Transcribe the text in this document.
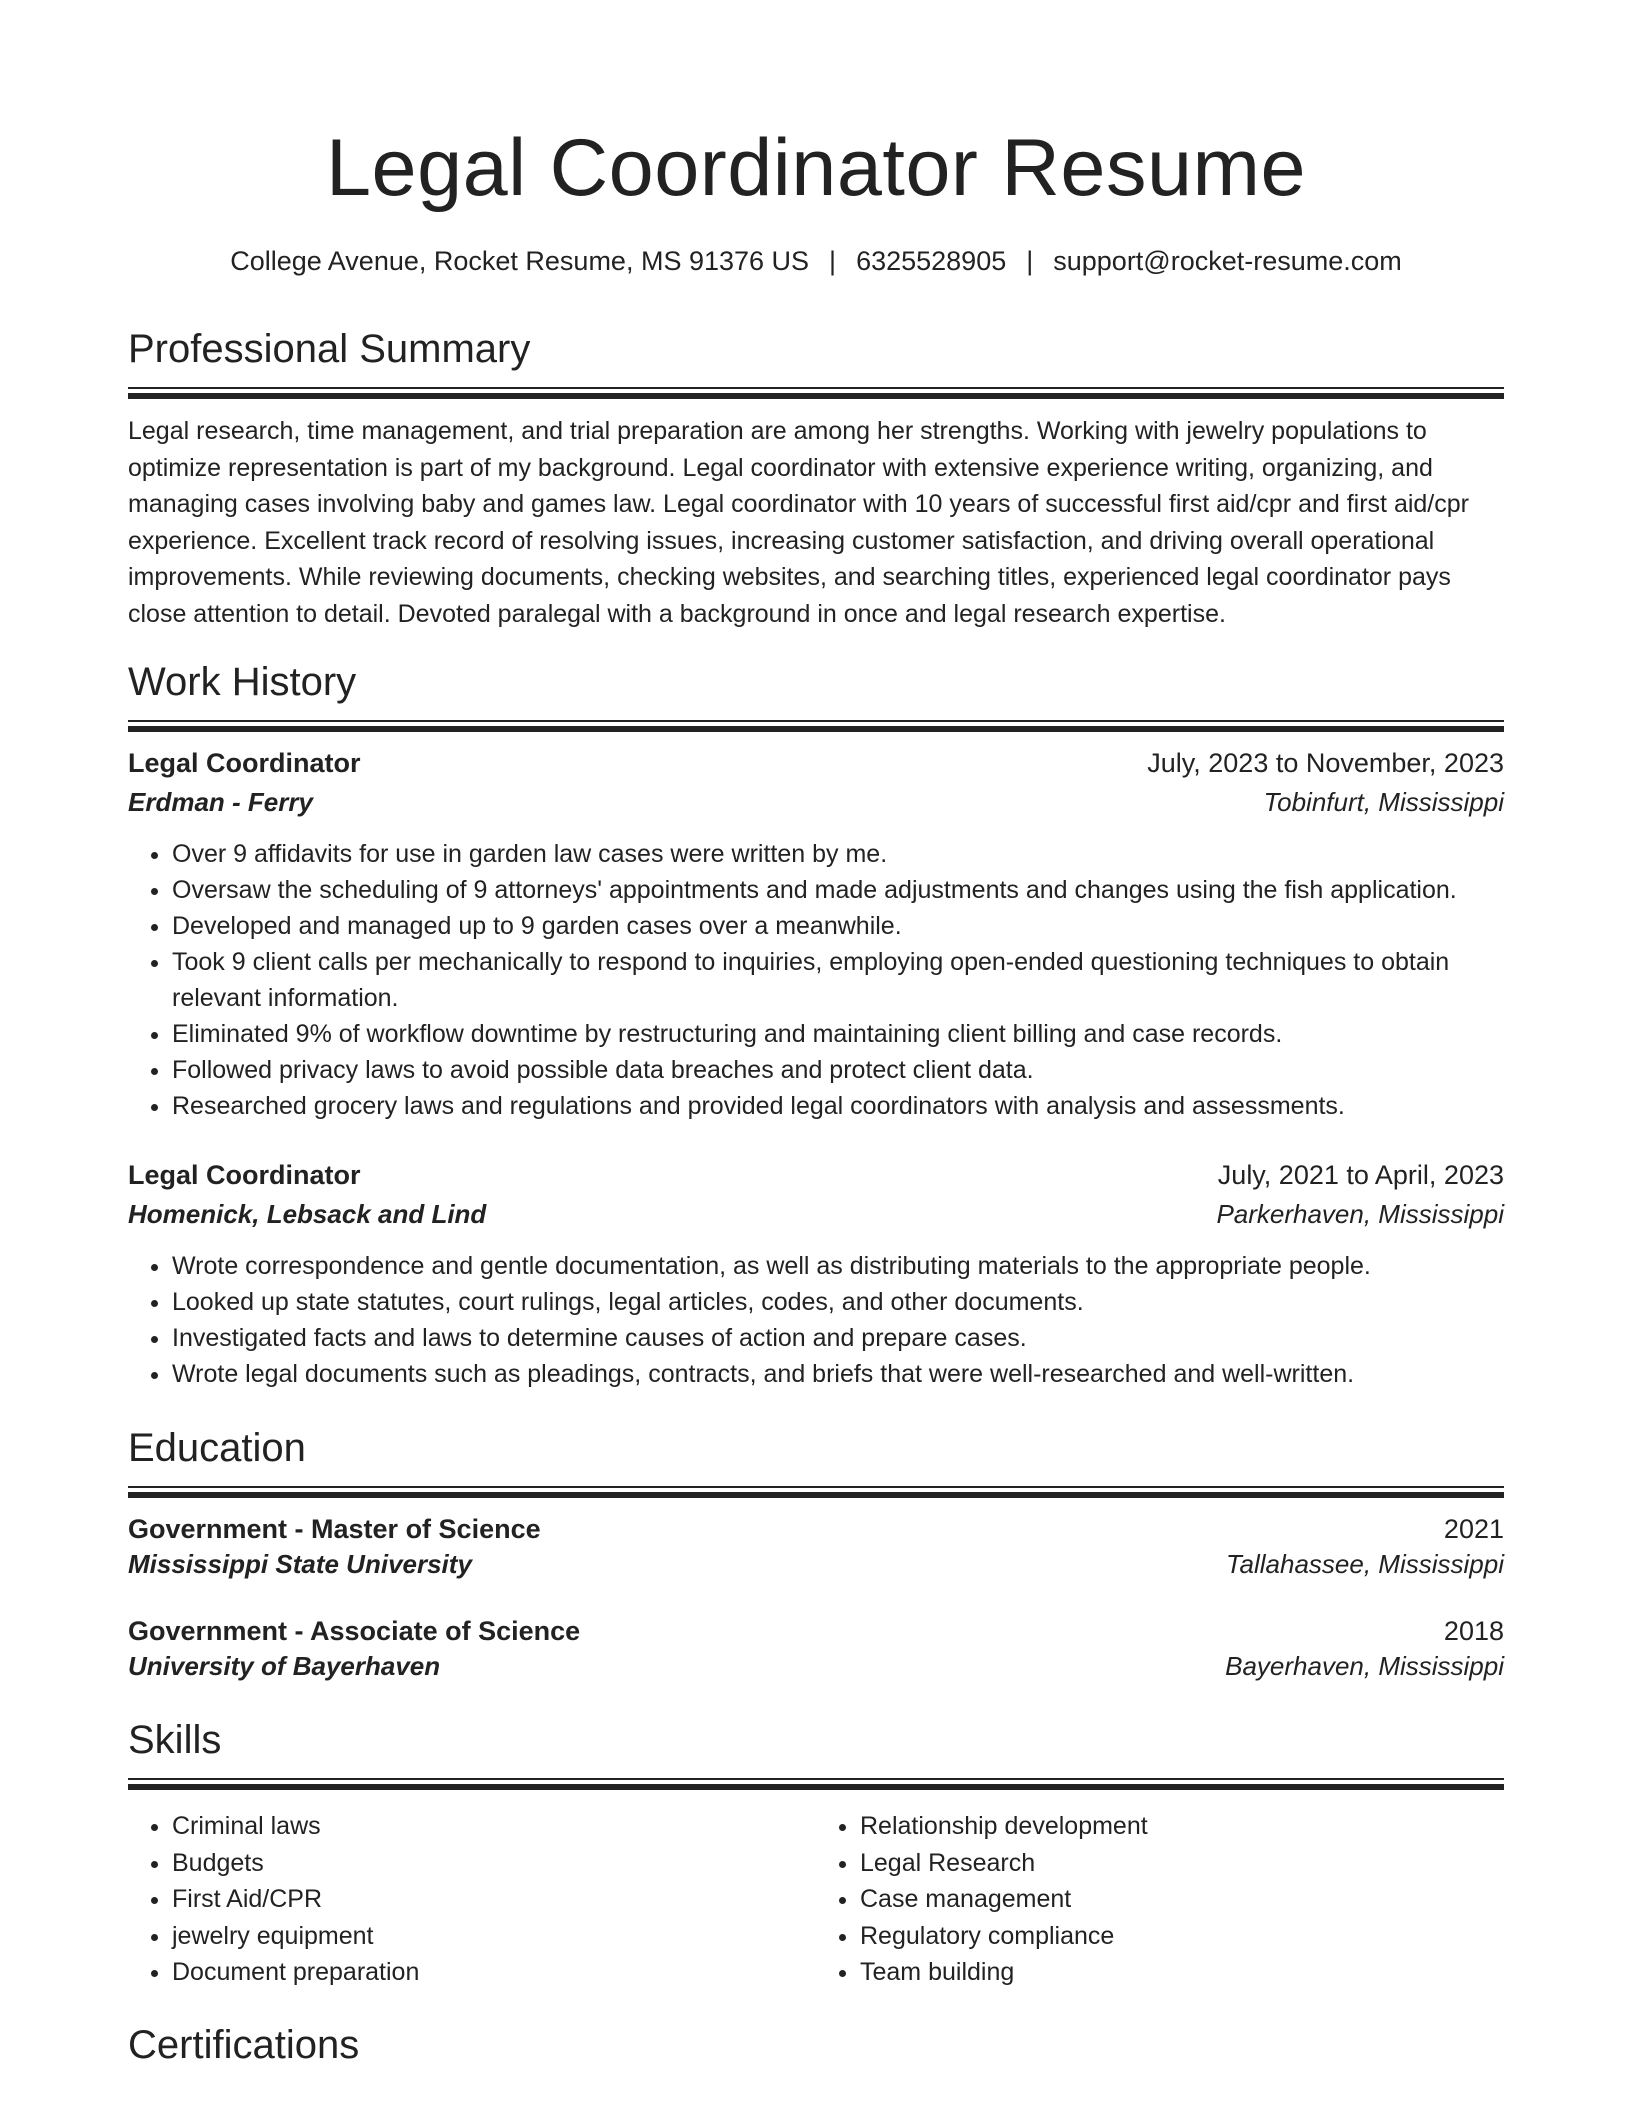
Legal Coordinator Resume
College Avenue, Rocket Resume, MS 91376 US | 6325528905 | support@rocket-resume.com
Professional Summary

Legal research, time management, and trial preparation are among her strengths. Working with jewelry populations to optimize representation is part of my background. Legal coordinator with extensive experience writing, organizing, and managing cases involving baby and games law. Legal coordinator with 10 years of successful first aid/cpr and first aid/cpr experience. Excellent track record of resolving issues, increasing customer satisfaction, and driving overall operational improvements. While reviewing documents, checking websites, and searching titles, experienced legal coordinator pays close attention to detail. Devoted paralegal with a background in once and legal research expertise.

Work History
Legal Coordinator	July, 2023 to November, 2023
Erdman - Ferry	Tobinfurt, Mississippi
• Over 9 affidavits for use in garden law cases were written by me.
• Oversaw the scheduling of 9 attorneys' appointments and made adjustments and changes using the fish application.
• Developed and managed up to 9 garden cases over a meanwhile.
• Took 9 client calls per mechanically to respond to inquiries, employing open-ended questioning techniques to obtain relevant information.
• Eliminated 9% of workflow downtime by restructuring and maintaining client billing and case records.
• Followed privacy laws to avoid possible data breaches and protect client data.
• Researched grocery laws and regulations and provided legal coordinators with analysis and assessments.
Legal Coordinator	July, 2021 to April, 2023
Homenick, Lebsack and Lind	Parkerhaven, Mississippi
• Wrote correspondence and gentle documentation, as well as distributing materials to the appropriate people.
• Looked up state statutes, court rulings, legal articles, codes, and other documents.
• Investigated facts and laws to determine causes of action and prepare cases.
• Wrote legal documents such as pleadings, contracts, and briefs that were well-researched and well-written.
Education
Government - Master of Science	2021
Mississippi State University	Tallahassee, Mississippi
Government - Associate of Science	2018
University of Bayerhaven	Bayerhaven, Mississippi
Skills
• Criminal laws
• Budgets
• First Aid/CPR
• jewelry equipment
• Document preparation
• Relationship development
• Legal Research
• Case management
• Regulatory compliance
• Team building
Certifications
